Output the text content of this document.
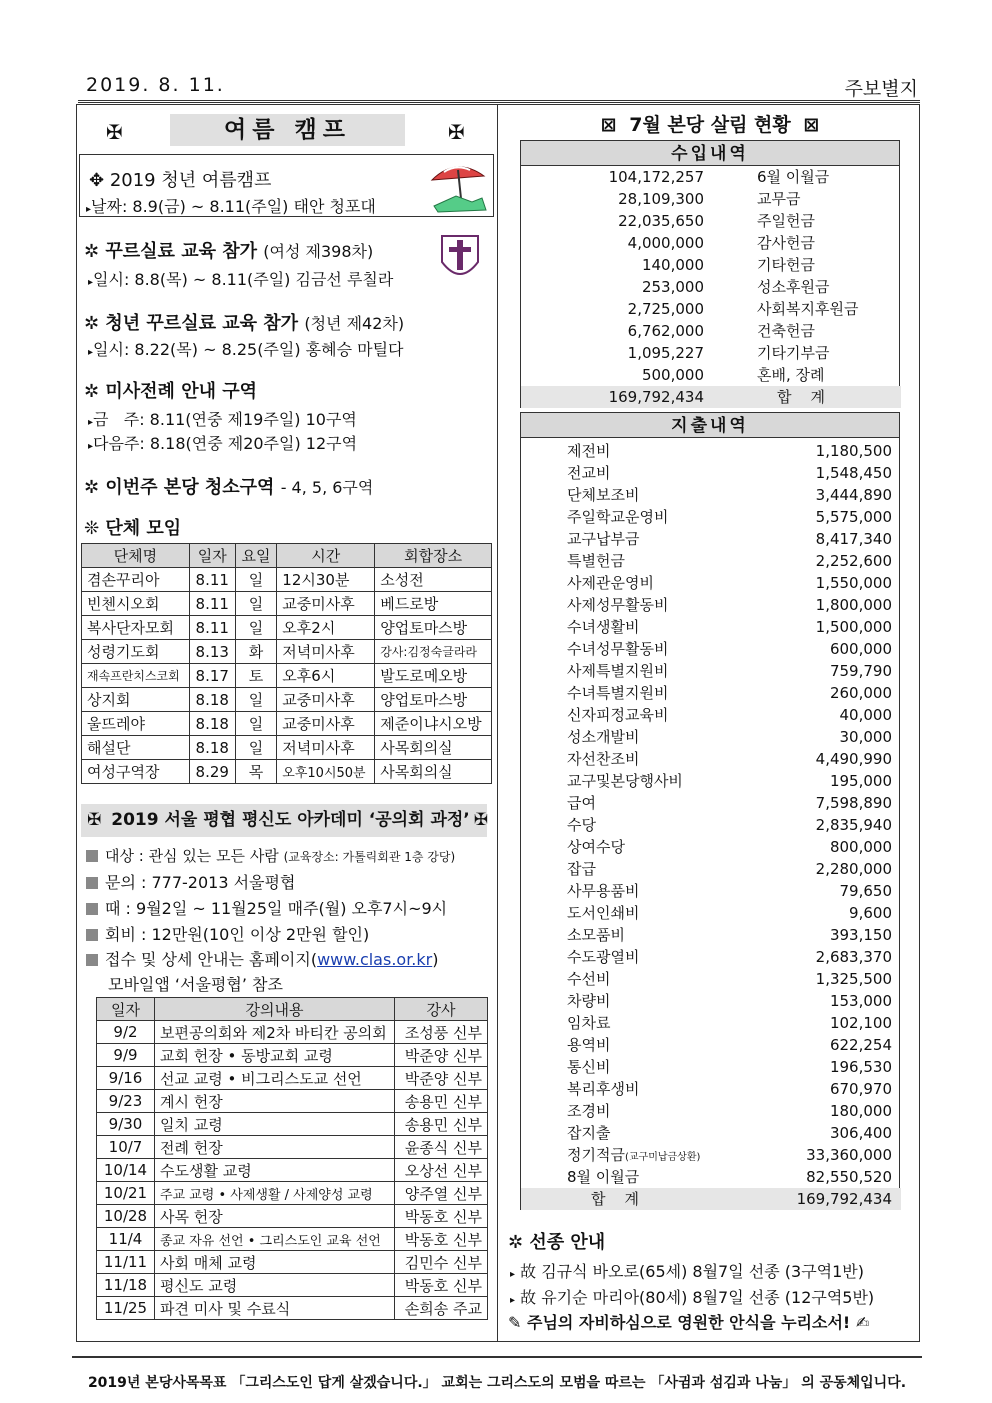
2019. 8. 11.	주보별지
✠	여름 캠프	✠
✥ 2019 청년 여름캠프
▸날짜: 8.9(금) ~ 8.11(주일) 태안 청포대
✲ 꾸르실료 교육 참가 (여성 제398차)
▸일시: 8.8(목) ~ 8.11(주일) 김금선 루칠라
✲ 청년 꾸르실료 교육 참가 (청년 제42차)
▸일시: 8.22(목) ~ 8.25(주일) 홍혜승 마틸다
✲ 미사전례 안내 구역
▸금   주: 8.11(연중 제19주일) 10구역
▸다음주: 8.18(연중 제20주일) 12구역
✲ 이번주 본당 청소구역 - 4, 5, 6구역
❊ 단체 모임
단체명	일자	요일	시간	회합장소
겸손꾸리아	8.11	일	12시30분	소성전
빈첸시오회	8.11	일	교중미사후	베드로방
복사단자모회	8.11	일	오후2시	양업토마스방
성령기도회	8.13	화	저녁미사후	강사:김정숙글라라
재속프란치스코회	8.17	토	오후6시	발도로메오방
상지회	8.18	일	교중미사후	양업토마스방
울뜨레야	8.18	일	교중미사후	제준이냐시오방
해설단	8.18	일	저녁미사후	사목회의실
여성구역장	8.29	목	오후10시50분	사목회의실
✠ 2019 서울 평협 평신도 아카데미 ‘공의회 과정’ ✠
대상 : 관심 있는 모든 사람 (교육장소: 가톨릭회관 1층 강당)
문의 : 777-2013 서울평협
때 : 9월2일 ~ 11월25일 매주(월) 오후7시~9시
회비 : 12만원(10인 이상 2만원 할인)
접수 및 상세 안내는 홈페이지(www.clas.or.kr)
모바일앱 ‘서울평협’ 참조
일자	강의내용	강사
9/2	보편공의회와 제2차 바티칸 공의회	조성풍 신부
9/9	교회 헌장 • 동방교회 교령	박준양 신부
9/16	선교 교령 • 비그리스도교 선언	박준양 신부
9/23	계시 헌장	송용민 신부
9/30	일치 교령	송용민 신부
10/7	전례 헌장	윤종식 신부
10/14	수도생활 교령	오상선 신부
10/21	주교 교령 • 사제생활 / 사제양성 교령	양주열 신부
10/28	사목 헌장	박동호 신부
11/4	종교 자유 선언 • 그리스도인 교육 선언	박동호 신부
11/11	사회 매체 교령	김민수 신부
11/18	평신도 교령	박동호 신부
11/25	파견 미사 및 수료식	손희송 주교
⊠ 7월 본당 살림 현황 ⊠
수입내역
104,172,257	6월 이월금
28,109,300	교무금
22,035,650	주일헌금
4,000,000	감사헌금
140,000	기타헌금
253,000	성소후원금
2,725,000	사회복지후원금
6,762,000	건축헌금
1,095,227	기타기부금
500,000	혼배, 장례
169,792,434	합    계
지출내역
제전비	1,180,500
전교비	1,548,450
단체보조비	3,444,890
주일학교운영비	5,575,000
교구납부금	8,417,340
특별헌금	2,252,600
사제관운영비	1,550,000
사제성무활동비	1,800,000
수녀생활비	1,500,000
수녀성무활동비	600,000
사제특별지원비	759,790
수녀특별지원비	260,000
신자피정교육비	40,000
성소개발비	30,000
자선찬조비	4,490,990
교구및본당행사비	195,000
급여	7,598,890
수당	2,835,940
상여수당	800,000
잡급	2,280,000
사무용품비	79,650
도서인쇄비	9,600
소모품비	393,150
수도광열비	2,683,370
수선비	1,325,500
차량비	153,000
임차료	102,100
용역비	622,254
통신비	196,530
복리후생비	670,970
조경비	180,000
잡지출	306,400
정기적금(교구미납금상환)	33,360,000
8월 이월금	82,550,520
합    계	169,792,434
✲ 선종 안내
▸ 故 김규식 바오로(65세) 8월7일 선종 (3구역1반)
▸ 故 유기순 마리아(80세) 8월7일 선종 (12구역5반)
✎ 주님의 자비하심으로 영원한 안식을 누리소서! ✍
2019년 본당사목목표 「그리스도인 답게 살겠습니다.」 교회는 그리스도의 모범을 따르는 「사귐과 섬김과 나눔」 의 공동체입니다.
